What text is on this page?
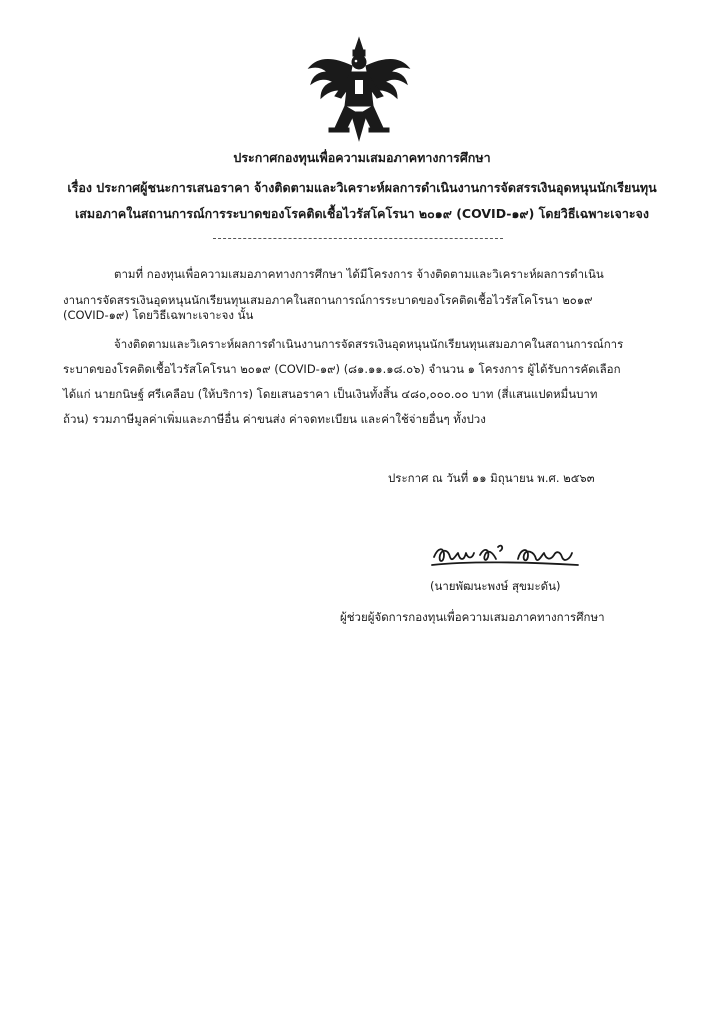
ประกาศกองทุนเพื่อความเสมอภาคทางการศึกษา
เรื่อง ประกาศผู้ชนะการเสนอราคา จ้างติดตามและวิเคราะห์ผลการดำเนินงานการจัดสรรเงินอุดหนุนนักเรียนทุน
เสมอภาคในสถานการณ์การระบาดของโรคติดเชื้อไวรัสโคโรนา ๒๐๑๙ (COVID-๑๙) โดยวิธีเฉพาะเจาะจง
ตามที่ กองทุนเพื่อความเสมอภาคทางการศึกษา ได้มีโครงการ จ้างติดตามและวิเคราะห์ผลการดำเนิน
งานการจัดสรรเงินอุดหนุนนักเรียนทุนเสมอภาคในสถานการณ์การระบาดของโรคติดเชื้อไวรัสโคโรนา ๒๐๑๙
(COVID-๑๙) โดยวิธีเฉพาะเจาะจง นั้น
จ้างติดตามและวิเคราะห์ผลการดำเนินงานการจัดสรรเงินอุดหนุนนักเรียนทุนเสมอภาคในสถานการณ์การ
ระบาดของโรคติดเชื้อไวรัสโคโรนา ๒๐๑๙ (COVID-๑๙) (๘๑.๑๑.๑๘.๐๖) จำนวน ๑ โครงการ ผู้ได้รับการคัดเลือก
ได้แก่ นายกนิษฐ์ ศรีเคลือบ (ให้บริการ) โดยเสนอราคา เป็นเงินทั้งสิ้น ๔๘๐,๐๐๐.๐๐ บาท (สี่แสนแปดหมื่นบาท
ถ้วน) รวมภาษีมูลค่าเพิ่มและภาษีอื่น ค่าขนส่ง ค่าจดทะเบียน และค่าใช้จ่ายอื่นๆ ทั้งปวง
ประกาศ ณ วันที่ ๑๑ มิถุนายน พ.ศ. ๒๕๖๓
(นายพัฒนะพงษ์ สุขมะดัน)
ผู้ช่วยผู้จัดการกองทุนเพื่อความเสมอภาคทางการศึกษา
